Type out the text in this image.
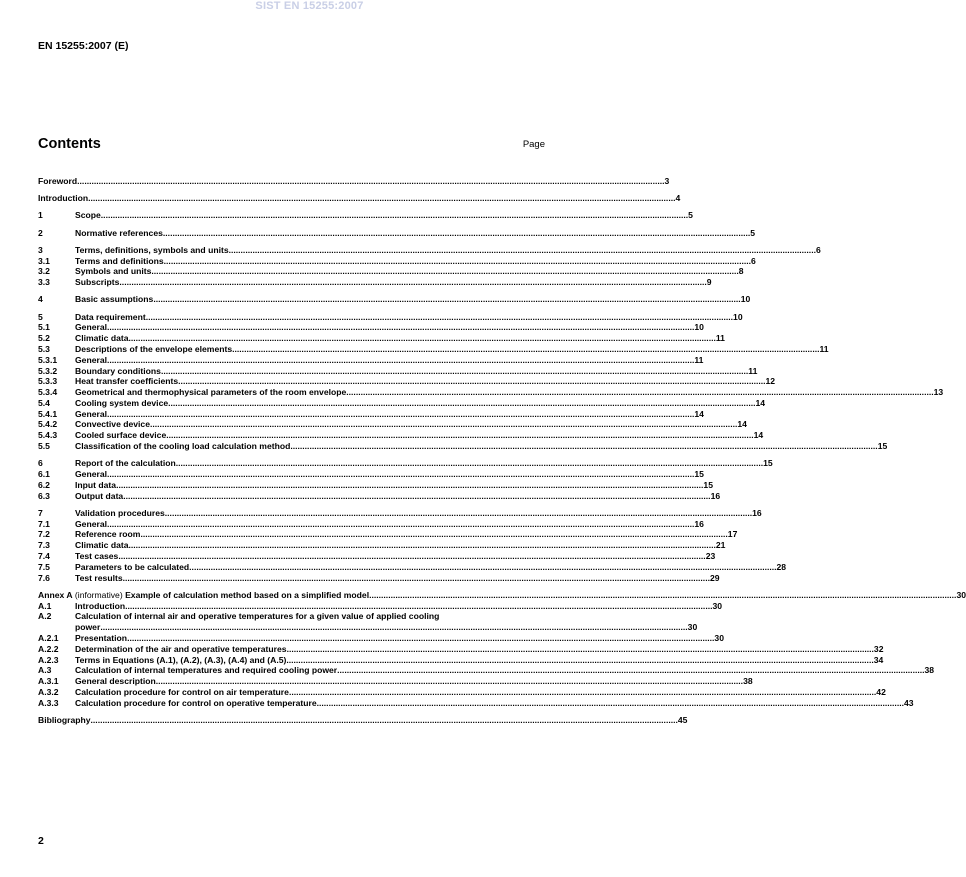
SIST EN 15255:2007
EN 15255:2007 (E)
Contents	Page
Foreword .....	3
Introduction .....	4
1	Scope .....	5
2	Normative references .....	5
3	Terms, definitions, symbols and units .....	6
3.1	Terms and definitions .....	6
3.2	Symbols and units .....	8
3.3	Subscripts .....	9
4	Basic assumptions .....	10
5	Data requirement .....	10
5.1	General .....	10
5.2	Climatic data .....	11
5.3	Descriptions of the envelope elements .....	11
5.3.1	General .....	11
5.3.2	Boundary conditions .....	11
5.3.3	Heat transfer coefficients .....	12
5.3.4	Geometrical and thermophysical parameters of the room envelope .....	13
5.4	Cooling system device .....	14
5.4.1	General .....	14
5.4.2	Convective device .....	14
5.4.3	Cooled surface device .....	14
5.5	Classification of the cooling load calculation method .....	15
6	Report of the calculation .....	15
6.1	General .....	15
6.2	Input data .....	15
6.3	Output data .....	16
7	Validation procedures .....	16
7.1	General .....	16
7.2	Reference room .....	17
7.3	Climatic data .....	21
7.4	Test cases .....	23
7.5	Parameters to be calculated .....	28
7.6	Test results .....	29
Annex A (informative) Example of calculation method based on a simplified model .....	30
A.1	Introduction .....	30
A.2	Calculation of internal air and operative temperatures for a given value of applied cooling
power .....	30
A.2.1	Presentation .....	30
A.2.2	Determination of the air and operative temperatures .....	32
A.2.3	Terms in Equations (A.1), (A.2), (A.3), (A.4) and (A.5) .....	34
A.3	Calculation of internal temperatures and required cooling power .....	38
A.3.1	General description .....	38
A.3.2	Calculation procedure for control on air temperature .....	42
A.3.3	Calculation procedure for control on operative temperature .....	43
Bibliography .....	45
2
